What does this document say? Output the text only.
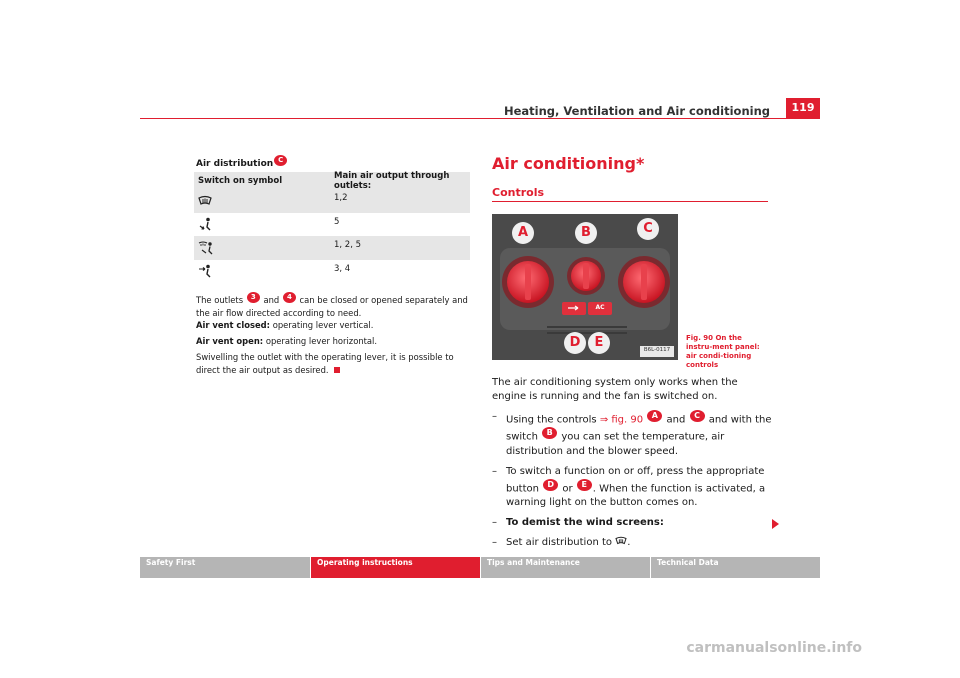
Heating, Ventilation and Air conditioning	119
Air distribution C
Switch on symbol	Main air output through outlets:
1,2
5
1, 2, 5
3, 4
The outlets 3 and 4 can be closed or opened separately and the air flow directed according to need.
Air vent closed: operating lever vertical.
Air vent open: operating lever horizontal.
Swivelling the outlet with the operating lever, it is possible to direct the air output as desired.
Air conditioning*
Controls
A	B	C
D	E
AC
B6L-0117
Fig. 90 On the instru-ment panel: air condi-tioning controls

The air conditioning system only works when the engine is running and the fan is switched on.

– Using the controls ⇒ fig. 90 A and C and with the switch B you can set the temperature, air distribution and the blower speed.
– To switch a function on or off, press the appropriate button D or E . When the function is activated, a warning light on the button comes on.
– To demist the wind screens:
– Set air distribution to .
Safety First	Operating instructions	Tips and Maintenance	Technical Data
carmanualsonline.info
